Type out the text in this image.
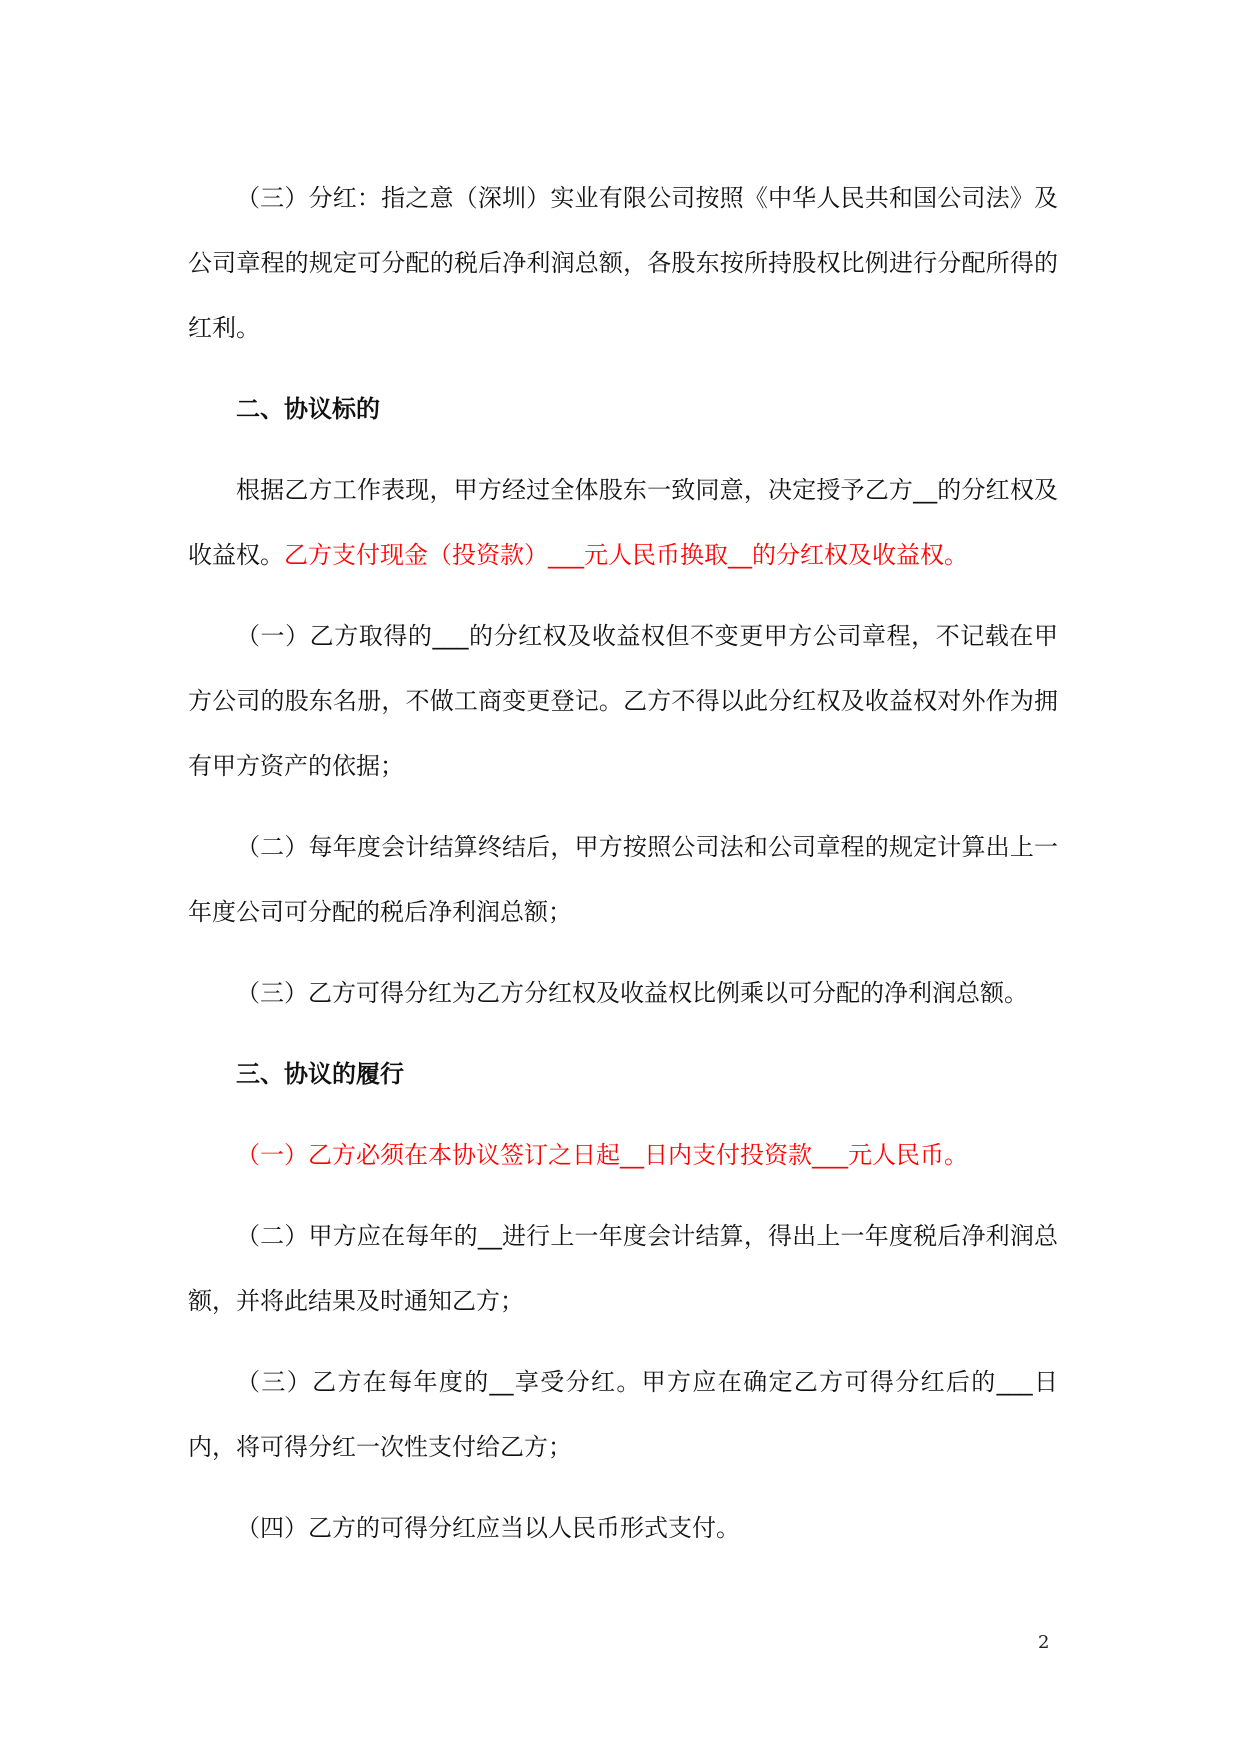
（三）分红：指之意（深圳）实业有限公司按照《中华人民共和国公司法》及公司章程的规定可分配的税后净利润总额，各股东按所持股权比例进行分配所得的红利。

二、协议标的

根据乙方工作表现，甲方经过全体股东一致同意，决定授予乙方__的分红权及收益权。乙方支付现金（投资款）___元人民币换取__的分红权及收益权。

（一）乙方取得的___的分红权及收益权但不变更甲方公司章程，不记载在甲方公司的股东名册，不做工商变更登记。乙方不得以此分红权及收益权对外作为拥有甲方资产的依据；

（二）每年度会计结算终结后，甲方按照公司法和公司章程的规定计算出上一年度公司可分配的税后净利润总额；

（三）乙方可得分红为乙方分红权及收益权比例乘以可分配的净利润总额。

三、协议的履行

（一）乙方必须在本协议签订之日起__日内支付投资款___元人民币。

（二）甲方应在每年的__进行上一年度会计结算，得出上一年度税后净利润总额，并将此结果及时通知乙方；

（三）乙方在每年度的__享受分红。甲方应在确定乙方可得分红后的___日内，将可得分红一次性支付给乙方；

（四）乙方的可得分红应当以人民币形式支付。

2
